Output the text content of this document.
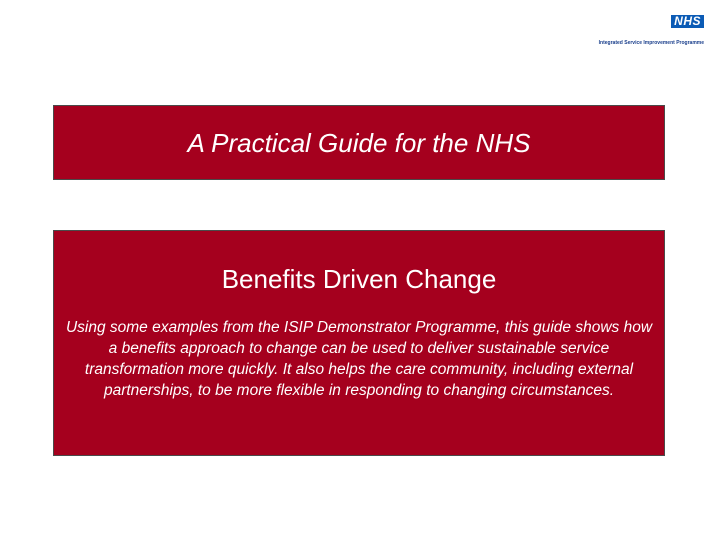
NHS
Integrated Service Improvement Programme
A Practical Guide for the NHS
Benefits Driven Change
Using some examples from the ISIP Demonstrator Programme, this guide shows how a benefits approach to change can be used to deliver sustainable service transformation more quickly. It also helps the care community, including external partnerships, to be more flexible in responding to changing circumstances.
